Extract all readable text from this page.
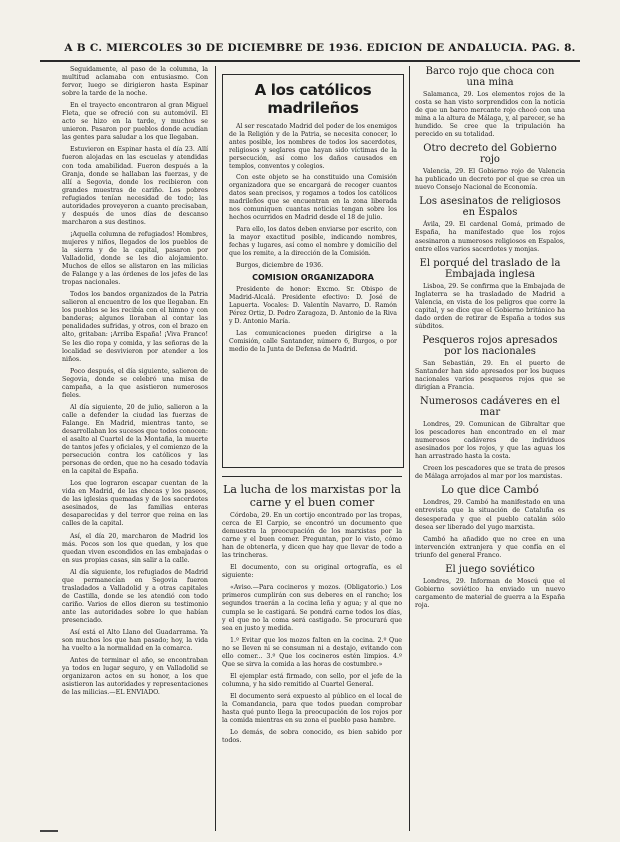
A B C. MIERCOLES 30 DE DICIEMBRE DE 1936. EDICION DE ANDALUCIA. PAG. 8.

Seguidamente, al paso de la columna, la multitud aclamaba con entusiasmo. Con fervor, luego se dirigieron hasta Espinar sobre la tarde de la noche.

En el trayecto encontraron al gran Miguel Fleta, que se ofreció con su automóvil. El acto se hizo en la tarde, y muchos se unieron. Pasaron por pueblos donde acudían las gentes para saludar a los que llegaban.

Estuvieron en Espinar hasta el día 23. Allí fueron alojadas en las escuelas y atendidas con toda amabilidad. Fueron después a la Granja, donde se hallaban las fuerzas, y de allí a Segovia, donde los recibieron con grandes muestras de cariño. Los pobres refugiados tenían necesidad de todo; las autoridades proveyeron a cuanto precisaban, y después de unos días de descanso marcharon a sus destinos.

¡Aquella columna de refugiados! Hombres, mujeres y niños, llegados de los pueblos de la sierra y de la capital, pasaron por Valladolid, donde se les dio alojamiento. Muchos de ellos se alistaron en las milicias de Falange y a las órdenes de los jefes de las tropas nacionales.

Todos los bandos organizados de la Patria salieron al encuentro de los que llegaban. En los pueblos se les recibía con el himno y con banderas; algunos lloraban al contar las penalidades sufridas, y otros, con el brazo en alto, gritaban: ¡Arriba España! ¡Viva Franco! Se les dio ropa y comida, y las señoras de la localidad se desvivieron por atender a los niños.

Poco después, el día siguiente, salieron de Segovia, donde se celebró una misa de campaña, a la que asistieron numerosos fieles.

Al día siguiente, 20 de julio, salieron a la calle a defender la ciudad las fuerzas de Falange. En Madrid, mientras tanto, se desarrollaban los sucesos que todos conocen: el asalto al Cuartel de la Montaña, la muerte de tantos jefes y oficiales, y el comienzo de la persecución contra los católicos y las personas de orden, que no ha cesado todavía en la capital de España.

Los que lograron escapar cuentan de la vida en Madrid, de las checas y los paseos, de las iglesias quemadas y de los sacerdotes asesinados, de las familias enteras desaparecidas y del terror que reina en las calles de la capital.

Así, el día 20, marcharon de Madrid los más. Pocos son los que quedan, y los que quedan viven escondidos en las embajadas o en sus propias casas, sin salir a la calle.

Al día siguiente, los refugiados de Madrid que permanecían en Segovia fueron trasladados a Valladolid y a otras capitales de Castilla, donde se les atendió con todo cariño. Varios de ellos dieron su testimonio ante las autoridades sobre lo que habían presenciado.

Así está el Alto Llano del Guadarrama. Ya son muchos los que han pasado; hoy, la vida ha vuelto a la normalidad en la comarca.

Antes de terminar el año, se encontraban ya todos en lugar seguro, y en Valladolid se organizaron actos en su honor, a los que asistieron las autoridades y representaciones de las milicias.—EL ENVIADO.

A los católicos madrileños

Al ser rescatado Madrid del poder de los enemigos de la Religión y de la Patria, se necesita conocer, lo antes posible, los nombres de todos los sacerdotes, religiosos y seglares que hayan sido víctimas de la persecución, así como los daños causados en templos, conventos y colegios.

Con este objeto se ha constituido una Comisión organizadora que se encargará de recoger cuantos datos sean precisos, y rogamos a todos los católicos madrileños que se encuentran en la zona liberada nos comuniquen cuantas noticias tengan sobre los hechos ocurridos en Madrid desde el 18 de julio.

Para ello, los datos deben enviarse por escrito, con la mayor exactitud posible, indicando nombres, fechas y lugares, así como el nombre y domicilio del que los remite, a la dirección de la Comisión.

Burgos, diciembre de 1936.

COMISION ORGANIZADORA

Presidente de honor: Excmo. Sr. Obispo de Madrid-Alcalá. Presidente efectivo: D. José de Lapuerta. Vocales: D. Valentín Navarro, D. Ramón Pérez Ortiz, D. Pedro Zaragoza, D. Antonio de la Riva y D. Antonio María.

Las comunicaciones pueden dirigirse a la Comisión, calle Santander, número 6, Burgos, o por medio de la Junta de Defensa de Madrid.

La lucha de los marxistas por la carne y el buen comer

Córdoba, 29. En un cortijo encontrado por las tropas, cerca de El Carpio, se encontró un documento que demuestra la preocupación de los marxistas por la carne y el buen comer. Preguntan, por lo visto, cómo han de obtenerla, y dicen que hay que llevar de todo a las trincheras.

El documento, con su original ortografía, es el siguiente:

«Aviso.—Para cocineros y mozos. (Obligatorio.) Los primeros cumplirán con sus deberes en el rancho; los segundos traerán a la cocina leña y agua; y al que no cumpla se le castigará. Se pondrá carne todos los días, y el que no la coma será castigado. Se procurará que sea en justo y medida.

1.º Evitar que los mozos falten en la cocina. 2.º Que no se lleven ni se consuman ni a destajo, evitando con ello comer... 3.º Que los cocineros estén limpios. 4.º Que se sirva la comida a las horas de costumbre.»

El ejemplar está firmado, con sello, por el jefe de la columna, y ha sido remitido al Cuartel General.

El documento será expuesto al público en el local de la Comandancia, para que todos puedan comprobar hasta qué punto llega la preocupación de los rojos por la comida mientras en su zona el pueblo pasa hambre.

Lo demás, de sobra conocido, es bien sabido por todos.

Barco rojo que choca con una mina

Salamanca, 29. Los elementos rojos de la costa se han visto sorprendidos con la noticia de que un barco mercante rojo chocó con una mina a la altura de Málaga, y, al parecer, se ha hundido. Se cree que la tripulación ha perecido en su totalidad.

Otro decreto del Gobierno rojo

Valencia, 29. El Gobierno rojo de Valencia ha publicado un decreto por el que se crea un nuevo Consejo Nacional de Economía.

Los asesinatos de religiosos en Espalos

Ávila, 29. El cardenal Gomá, primado de España, ha manifestado que los rojos asesinaron a numerosos religiosos en Espalos, entre ellos varios sacerdotes y monjas.

El porqué del traslado de la Embajada inglesa

Lisboa, 29. Se confirma que la Embajada de Inglaterra se ha trasladado de Madrid a Valencia, en vista de los peligros que corre la capital, y se dice que el Gobierno británico ha dado orden de retirar de España a todos sus súbditos.

Pesqueros rojos apresados por los nacionales

San Sebastián, 29. En el puerto de Santander han sido apresados por los buques nacionales varios pesqueros rojos que se dirigían a Francia.

Numerosos cadáveres en el mar

Londres, 29. Comunican de Gibraltar que los pescadores han encontrado en el mar numerosos cadáveres de individuos asesinados por los rojos, y que las aguas los han arrastrado hasta la costa.

Creen los pescadores que se trata de presos de Málaga arrojados al mar por los marxistas.

Lo que dice Cambó

Londres, 29. Cambó ha manifestado en una entrevista que la situación de Cataluña es desesperada y que el pueblo catalán sólo desea ser liberado del yugo marxista.

Cambó ha añadido que no cree en una intervención extranjera y que confía en el triunfo del general Franco.

El juego soviético

Londres, 29. Informan de Moscú que el Gobierno soviético ha enviado un nuevo cargamento de material de guerra a la España roja.
